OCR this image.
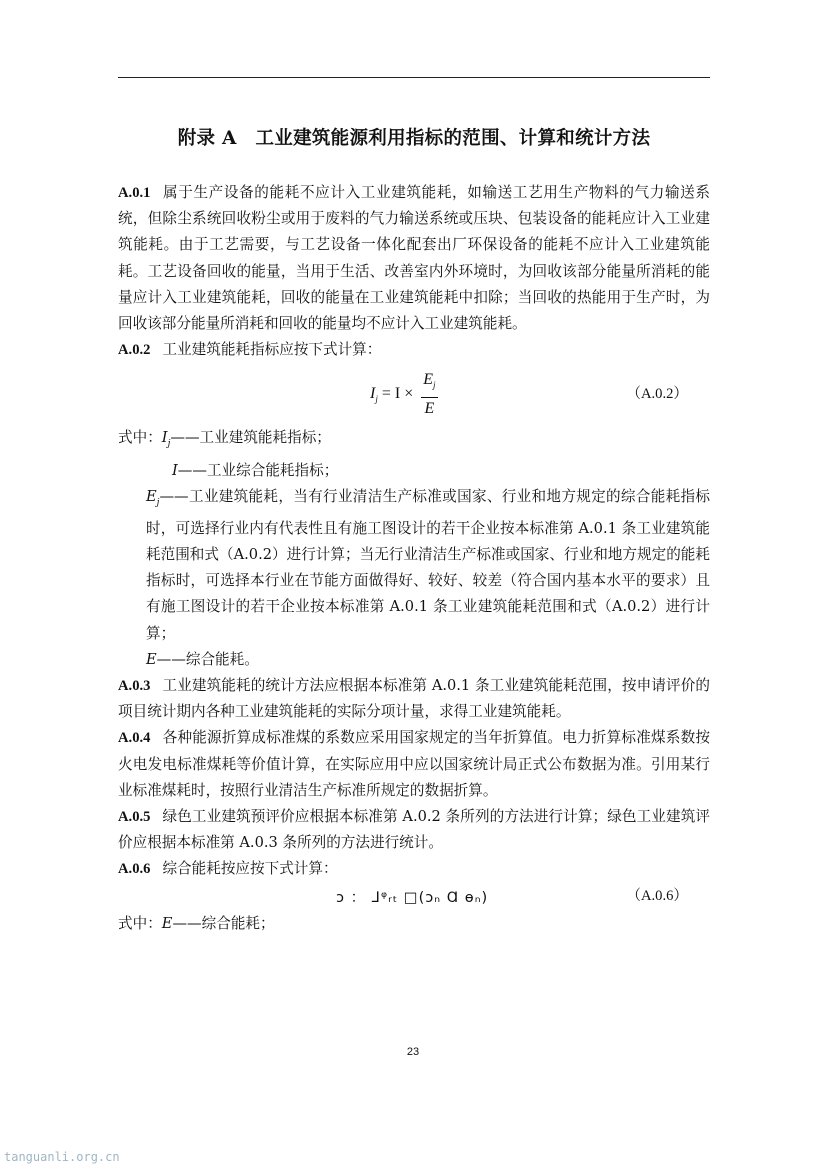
附录 A　工业建筑能源利用指标的范围、计算和统计方法

A.0.1 属于生产设备的能耗不应计入工业建筑能耗，如输送工艺用生产物料的气力输送系统，但除尘系统回收粉尘或用于废料的气力输送系统或压块、包装设备的能耗应计入工业建筑能耗。由于工艺需要，与工艺设备一体化配套出厂环保设备的能耗不应计入工业建筑能耗。工艺设备回收的能量，当用于生活、改善室内外环境时，为回收该部分能量所消耗的能量应计入工业建筑能耗，回收的能量在工业建筑能耗中扣除；当回收的热能用于生产时，为回收该部分能量所消耗和回收的能量均不应计入工业建筑能耗。

A.0.2 工业建筑能耗指标应按下式计算：

$I_j = I \times \frac{E_j}{E}$	（A.0.2）

式中：$I_j——$工业建筑能耗指标；

I——工业综合能耗指标；

$E_j——$工业建筑能耗，当有行业清洁生产标准或国家、行业和地方规定的综合能耗指标时，可选择行业内有代表性且有施工图设计的若干企业按本标准第 A.0.1 条工业建筑能耗范围和式（A.0.2）进行计算；当无行业清洁生产标准或国家、行业和地方规定的能耗指标时，可选择本行业在节能方面做得好、较好、较差（符合国内基本水平的要求）且有施工图设计的若干企业按本标准第 A.0.1 条工业建筑能耗范围和式（A.0.2）进行计算；

E——综合能耗。

A.0.3 工业建筑能耗的统计方法应根据本标准第 A.0.1 条工业建筑能耗范围，按申请评价的项目统计期内各种工业建筑能耗的实际分项计量，求得工业建筑能耗。

A.0.4 各种能源折算成标准煤的系数应采用国家规定的当年折算值。电力折算标准煤系数按火电发电标准煤耗等价值计算，在实际应用中应以国家统计局正式公布数据为准。引用某行业标准煤耗时，按照行业清洁生产标准所规定的数据折算。

A.0.5 绿色工业建筑预评价应根据本标准第 A.0.2 条所列的方法进行计算；绿色工业建筑评价应根据本标准第 A.0.3 条所列的方法进行统计。

A.0.6 综合能耗按应按下式计算：

ɔ ： ⅃ᵠᵣₜ □(ɔₙ Ɑ ɵₙ)	（A.0.6）

式中：E——综合能耗；

23
tanguanli.org.cn
